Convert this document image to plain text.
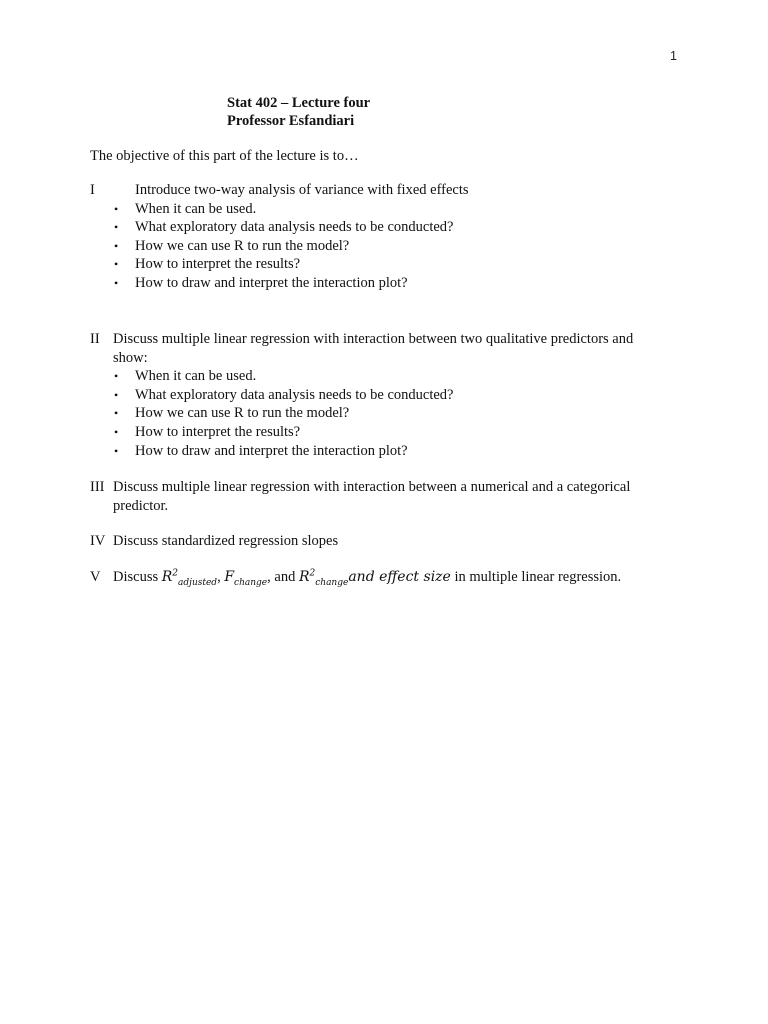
1
Stat 402 – Lecture four
Professor Esfandiari
The objective of this part of the lecture is to…
I	Introduce two-way analysis of variance with fixed effects
• When it can be used.
• What exploratory data analysis needs to be conducted?
• How we can use R to run the model?
• How to interpret the results?
• How to draw and interpret the interaction plot?
II Discuss multiple linear regression with interaction between two qualitative predictors and show:
• When it can be used.
• What exploratory data analysis needs to be conducted?
• How we can use R to run the model?
• How to interpret the results?
• How to draw and interpret the interaction plot?
III Discuss multiple linear regression with interaction between a numerical and a categorical predictor.
IV Discuss standardized regression slopes
V Discuss $R^2_{adjusted}$, $F_{change}$, and $R^2_{change}and$ effect size in multiple linear regression.
